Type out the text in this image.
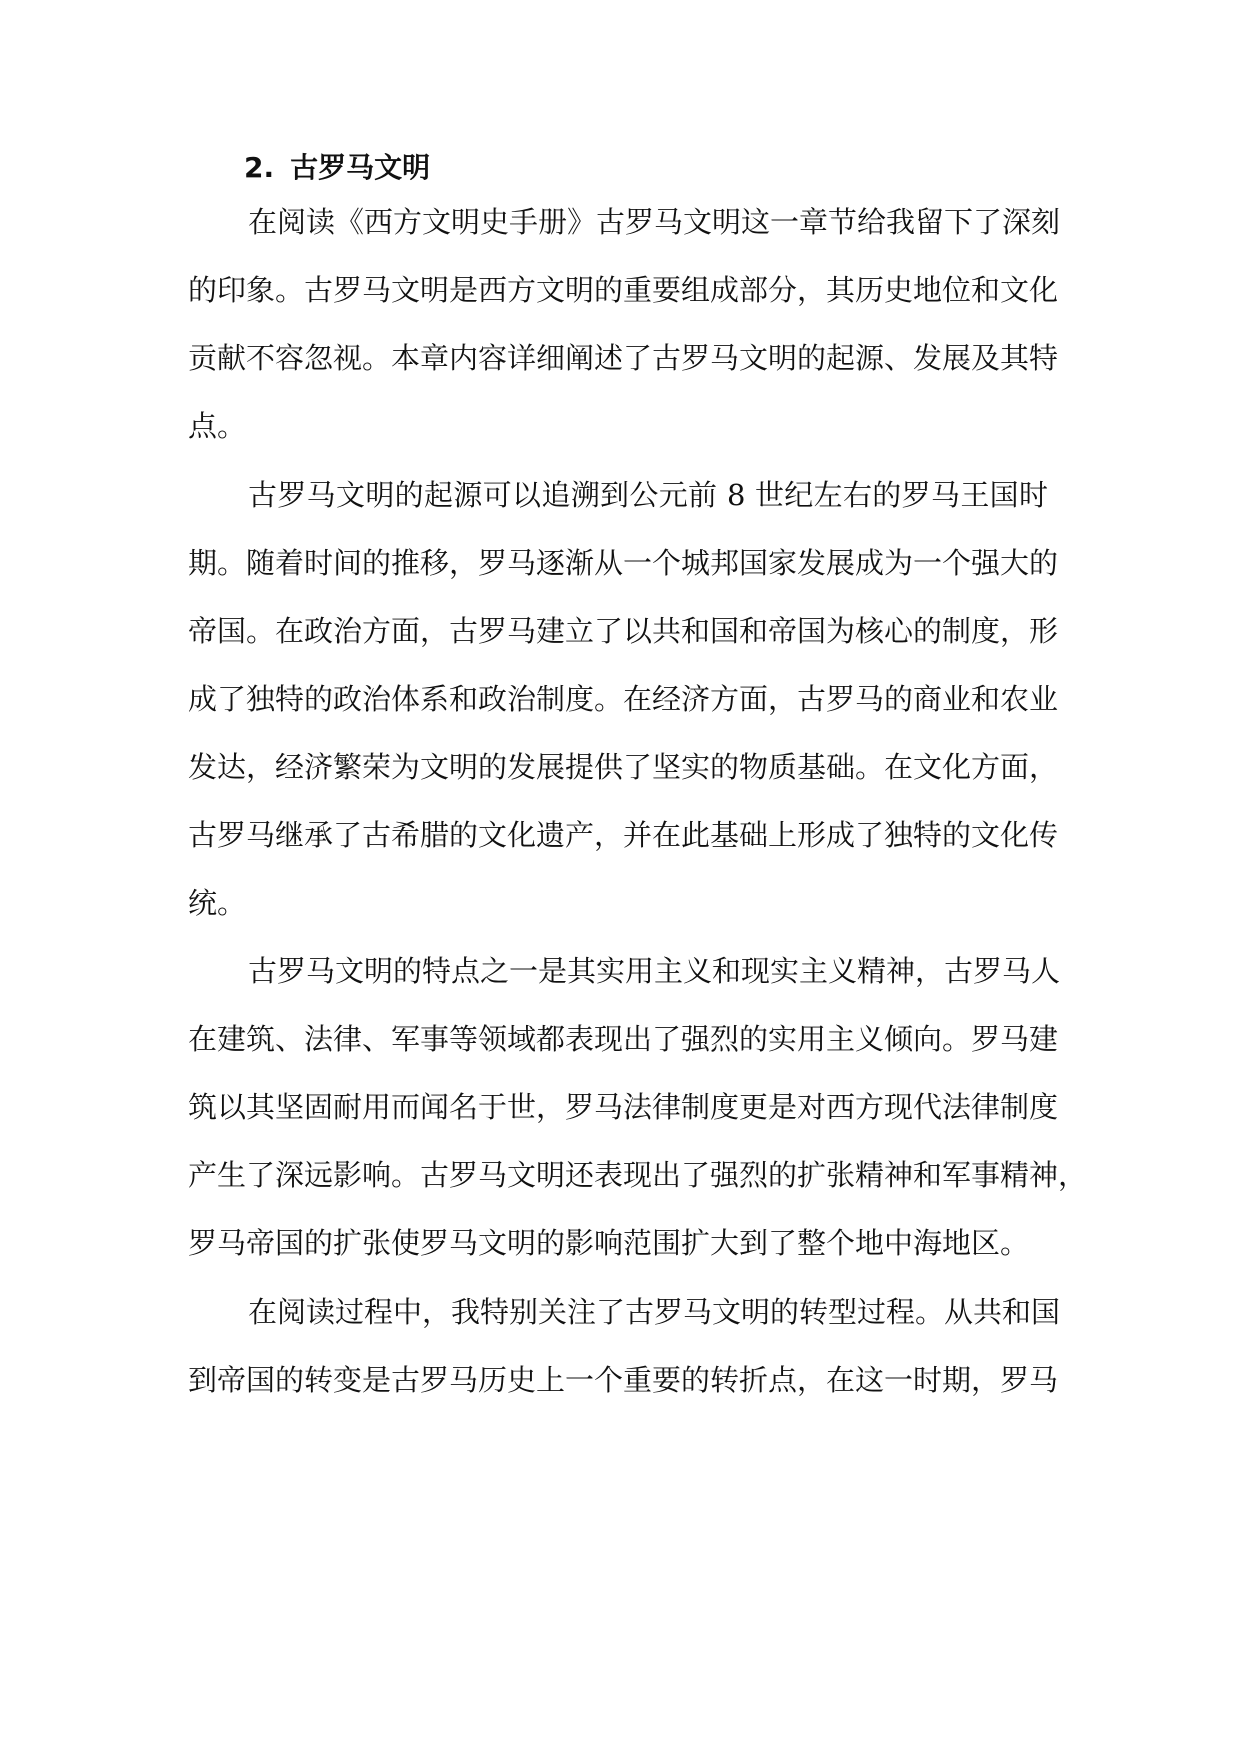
2. 古罗马文明
在阅读《西方文明史手册》古罗马文明这一章节给我留下了深刻
的印象。古罗马文明是西方文明的重要组成部分，其历史地位和文化
贡献不容忽视。本章内容详细阐述了古罗马文明的起源、发展及其特
点。
古罗马文明的起源可以追溯到公元前 8 世纪左右的罗马王国时
期。随着时间的推移，罗马逐渐从一个城邦国家发展成为一个强大的
帝国。在政治方面，古罗马建立了以共和国和帝国为核心的制度，形
成了独特的政治体系和政治制度。在经济方面，古罗马的商业和农业
发达，经济繁荣为文明的发展提供了坚实的物质基础。在文化方面，
古罗马继承了古希腊的文化遗产，并在此基础上形成了独特的文化传
统。
古罗马文明的特点之一是其实用主义和现实主义精神，古罗马人
在建筑、法律、军事等领域都表现出了强烈的实用主义倾向。罗马建
筑以其坚固耐用而闻名于世，罗马法律制度更是对西方现代法律制度
产生了深远影响。古罗马文明还表现出了强烈的扩张精神和军事精神，
罗马帝国的扩张使罗马文明的影响范围扩大到了整个地中海地区。
在阅读过程中，我特别关注了古罗马文明的转型过程。从共和国
到帝国的转变是古罗马历史上一个重要的转折点，在这一时期，罗马
